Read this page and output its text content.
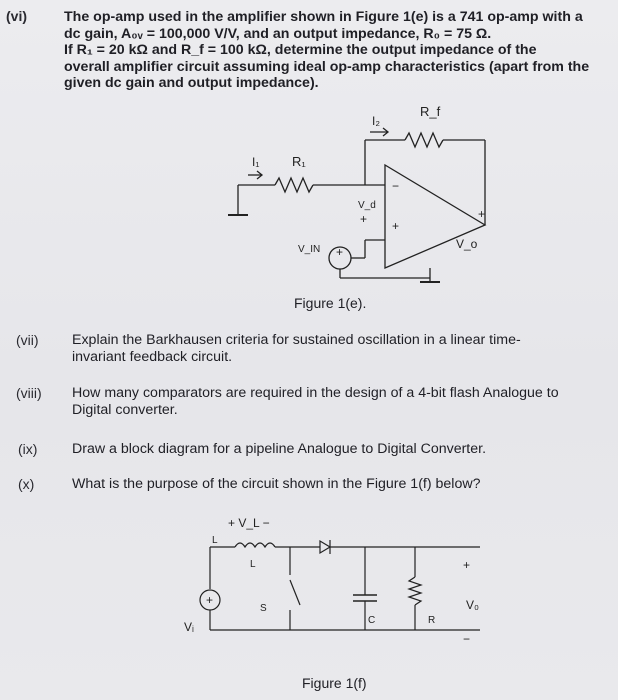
(vi)	The op-amp used in the amplifier shown in Figure 1(e) is a 741 op-amp with a
dc gain, A₀ᵥ = 100,000 V/V, and an output impedance, R₀ = 75 Ω.
If R₁ = 20 kΩ and R_f = 100 kΩ, determine the output impedance of the
overall amplifier circuit assuming ideal op-amp characteristics (apart from the
given dc gain and output impedance).
I₁	R₁
I₂
R_f
V_d
+
−
+
V_IN +
V_o
+
Figure 1(e).
(vii) Explain the Barkhausen criteria for sustained oscillation in a linear time-
invariant feedback circuit.
(viii) How many comparators are required in the design of a 4-bit flash Analogue to
Digital converter.
(ix) Draw a block diagram for a pipeline Analogue to Digital Converter.
(x)	What is the purpose of the circuit shown in the Figure 1(f) below?
+ V_L −
L
L
S
C	R
Vᵢ
+	V₀
+
−
Figure 1(f)
